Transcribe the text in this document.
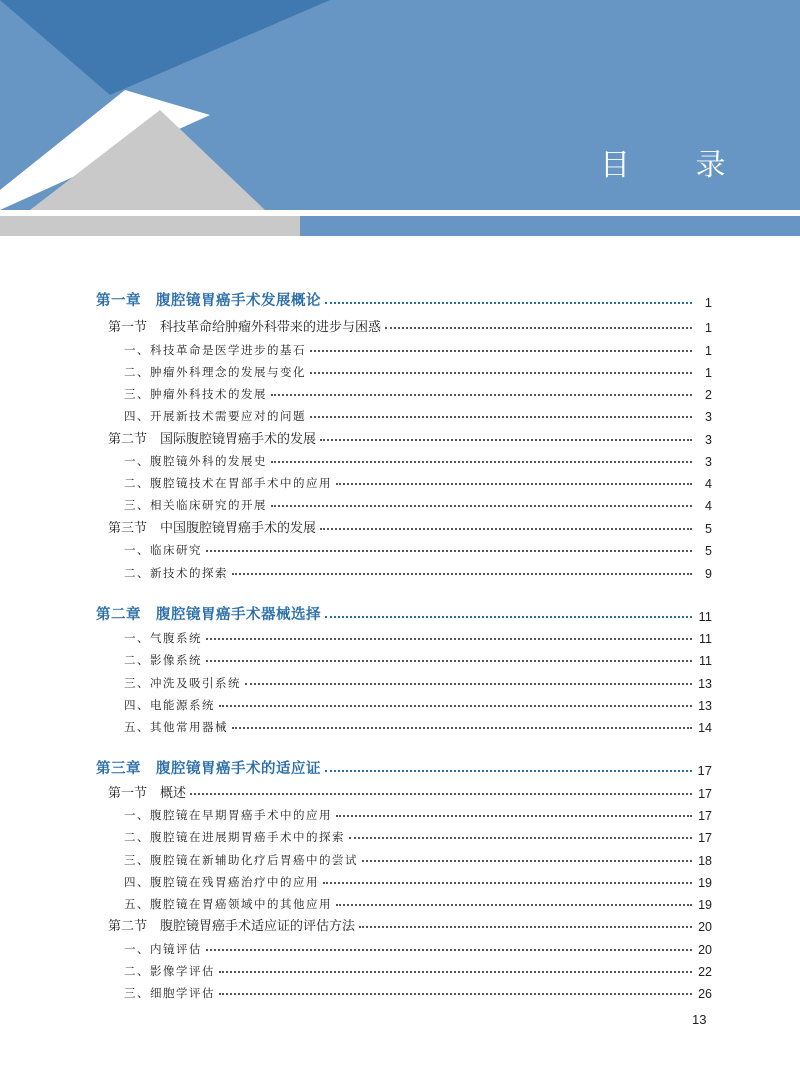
目 录
第一章　腹腔镜胃癌手术发展概论	1
第一节　科技革命给肿瘤外科带来的进步与困惑	1
一、科技革命是医学进步的基石	1
二、肿瘤外科理念的发展与变化	1
三、肿瘤外科技术的发展	2
四、开展新技术需要应对的问题	3
第二节　国际腹腔镜胃癌手术的发展	3
一、腹腔镜外科的发展史	3
二、腹腔镜技术在胃部手术中的应用	4
三、相关临床研究的开展	4
第三节　中国腹腔镜胃癌手术的发展	5
一、临床研究	5
二、新技术的探索	9
第二章　腹腔镜胃癌手术器械选择	11
一、气腹系统	11
二、影像系统	11
三、冲洗及吸引系统	13
四、电能源系统	13
五、其他常用器械	14
第三章　腹腔镜胃癌手术的适应证	17
第一节　概述	17
一、腹腔镜在早期胃癌手术中的应用	17
二、腹腔镜在进展期胃癌手术中的探索	17
三、腹腔镜在新辅助化疗后胃癌中的尝试	18
四、腹腔镜在残胃癌治疗中的应用	19
五、腹腔镜在胃癌领域中的其他应用	19
第二节　腹腔镜胃癌手术适应证的评估方法	20
一、内镜评估	20
二、影像学评估	22
三、细胞学评估	26
13
